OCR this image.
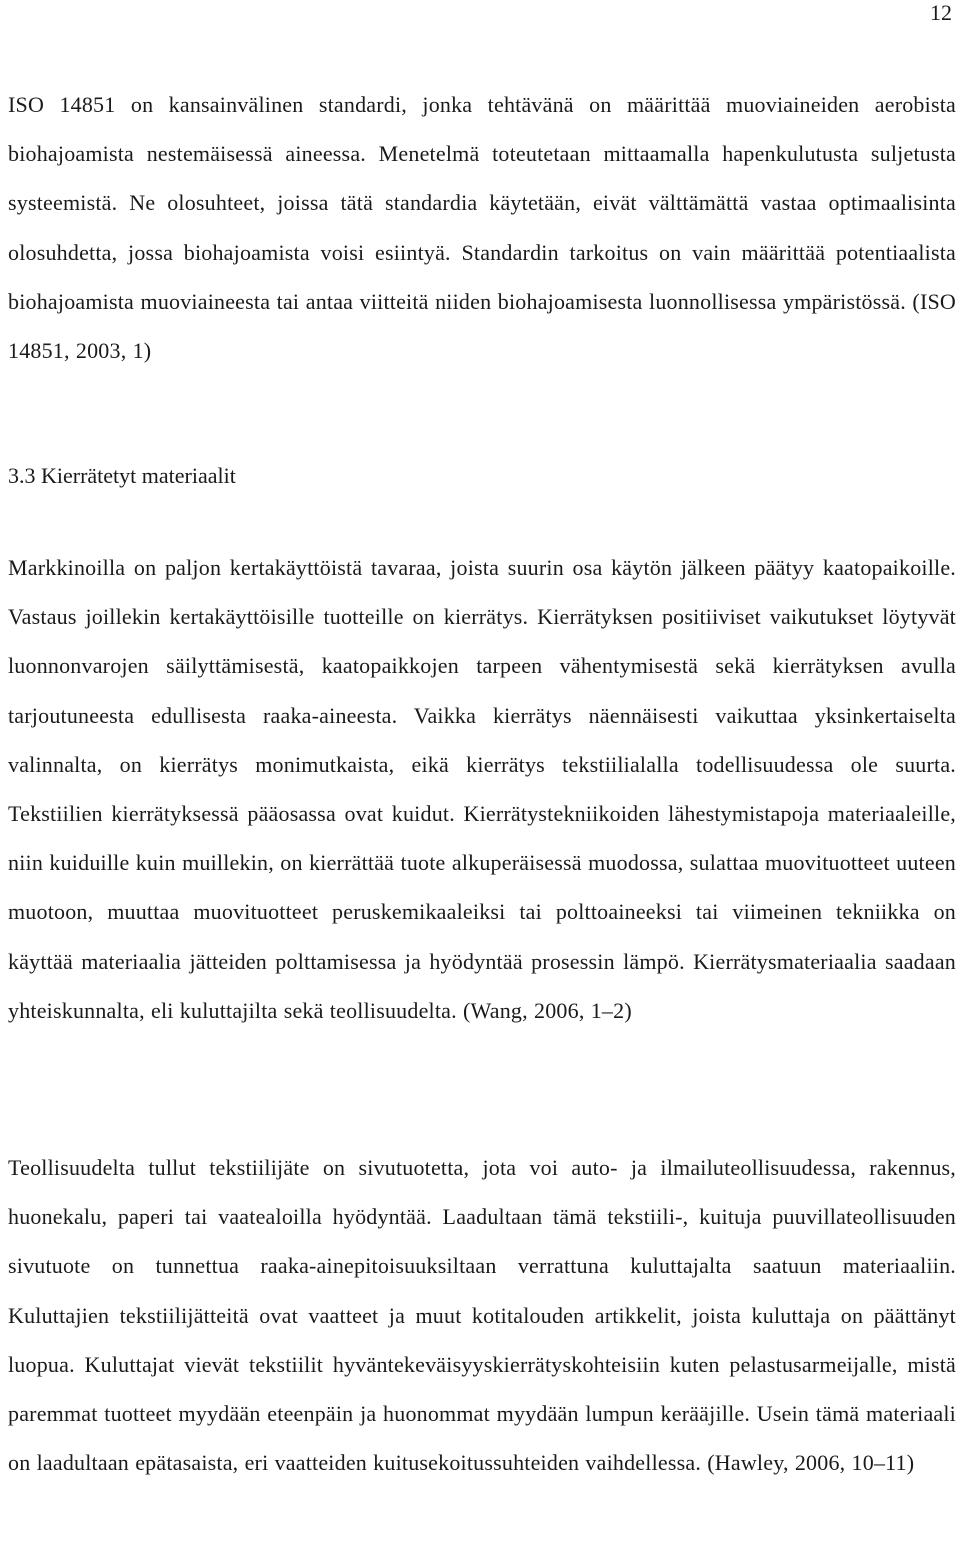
12

ISO 14851 on kansainvälinen standardi, jonka tehtävänä on määrittää muoviaineiden aerobista biohajoamista nestemäisessä aineessa. Menetelmä toteutetaan mittaamalla hapenkulutusta suljetusta systeemistä. Ne olosuhteet, joissa tätä standardia käytetään, eivät välttämättä vastaa optimaalisinta olosuhdetta, jossa biohajoamista voisi esiintyä. Standardin tarkoitus on vain määrittää potentiaalista biohajoamista muoviaineesta tai antaa viitteitä niiden biohajoamisesta luonnollisessa ympäristössä. (ISO 14851, 2003, 1)

3.3 Kierrätetyt materiaalit

Markkinoilla on paljon kertakäyttöistä tavaraa, joista suurin osa käytön jälkeen päätyy kaatopaikoille. Vastaus joillekin kertakäyttöisille tuotteille on kierrätys. Kierrätyksen positiiviset vaikutukset löytyvät luonnonvarojen säilyttämisestä, kaatopaikkojen tarpeen vähentymisestä sekä kierrätyksen avulla tarjoutuneesta edullisesta raaka-aineesta. Vaikka kierrätys näennäisesti vaikuttaa yksinkertaiselta valinnalta, on kierrätys monimutkaista, eikä kierrätys tekstiilialalla todellisuudessa ole suurta. Tekstiilien kierrätyksessä pääosassa ovat kuidut. Kierrätystekniikoiden lähestymistapoja materiaaleille, niin kuiduille kuin muillekin, on kierrättää tuote alkuperäisessä muodossa, sulattaa muovituotteet uuteen muotoon, muuttaa muovituotteet peruskemikaaleiksi tai polttoaineeksi tai viimeinen tekniikka on käyttää materiaalia jätteiden polttamisessa ja hyödyntää prosessin lämpö. Kierrätysmateriaalia saadaan yhteiskunnalta, eli kuluttajilta sekä teollisuudelta. (Wang, 2006, 1–2)

Teollisuudelta tullut tekstiilijäte on sivutuotetta, jota voi auto- ja ilmailuteollisuudessa, rakennus, huonekalu, paperi tai vaatealoilla hyödyntää. Laadultaan tämä tekstiili-, kuituja puuvillateollisuuden sivutuote on tunnettua raaka-ainepitoisuuksiltaan verrattuna kuluttajalta saatuun materiaaliin. Kuluttajien tekstiilijätteitä ovat vaatteet ja muut kotitalouden artikkelit, joista kuluttaja on päättänyt luopua. Kuluttajat vievät tekstiilit hyväntekeväisyyskierrätyskohteisiin kuten pelastusarmeijalle, mistä paremmat tuotteet myydään eteenpäin ja huonommat myydään lumpun kerääjille. Usein tämä materiaali on laadultaan epätasaista, eri vaatteiden kuitusekoitussuhteiden vaihdellessa. (Hawley, 2006, 10–11)
